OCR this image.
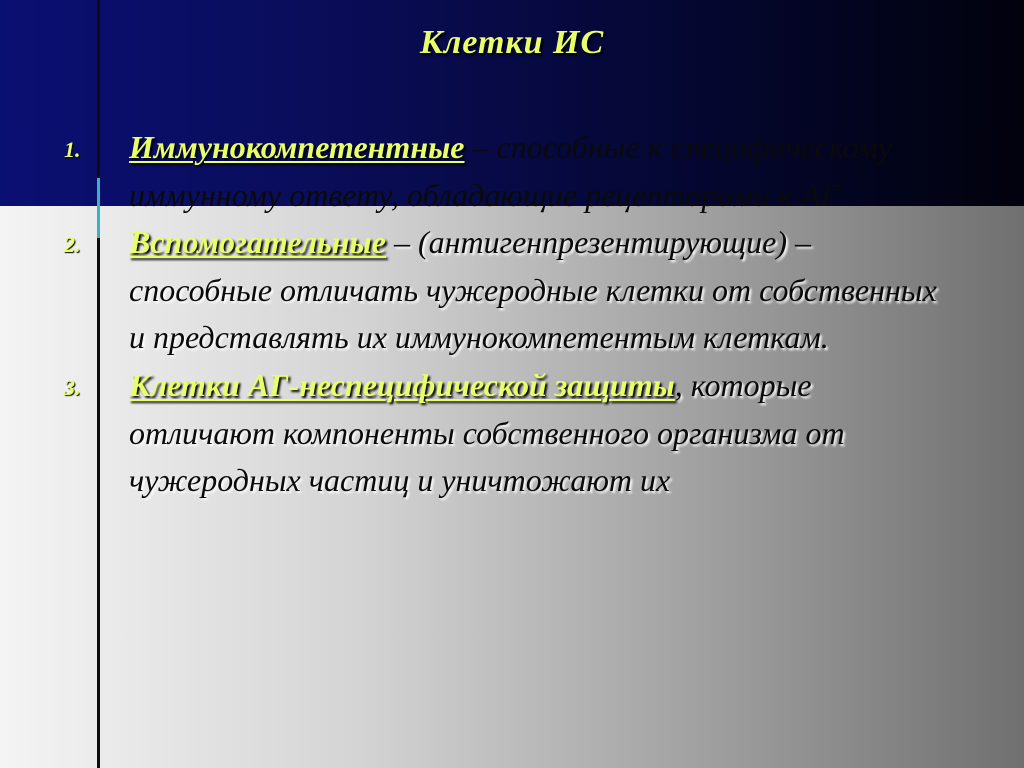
Клетки ИС
1. Иммунокомпетентные – способные к специфическому иммунному ответу, обладающие рецепторами к АГ
2. Вспомогательные – (антигенпрезентирующие) – способные отличать чужеродные клетки от собственных и представлять их иммунокомпетентым клеткам.
3. Клетки АГ-неспецифической защиты, которые отличают компоненты собственного организма от чужеродных частиц и уничтожают их
